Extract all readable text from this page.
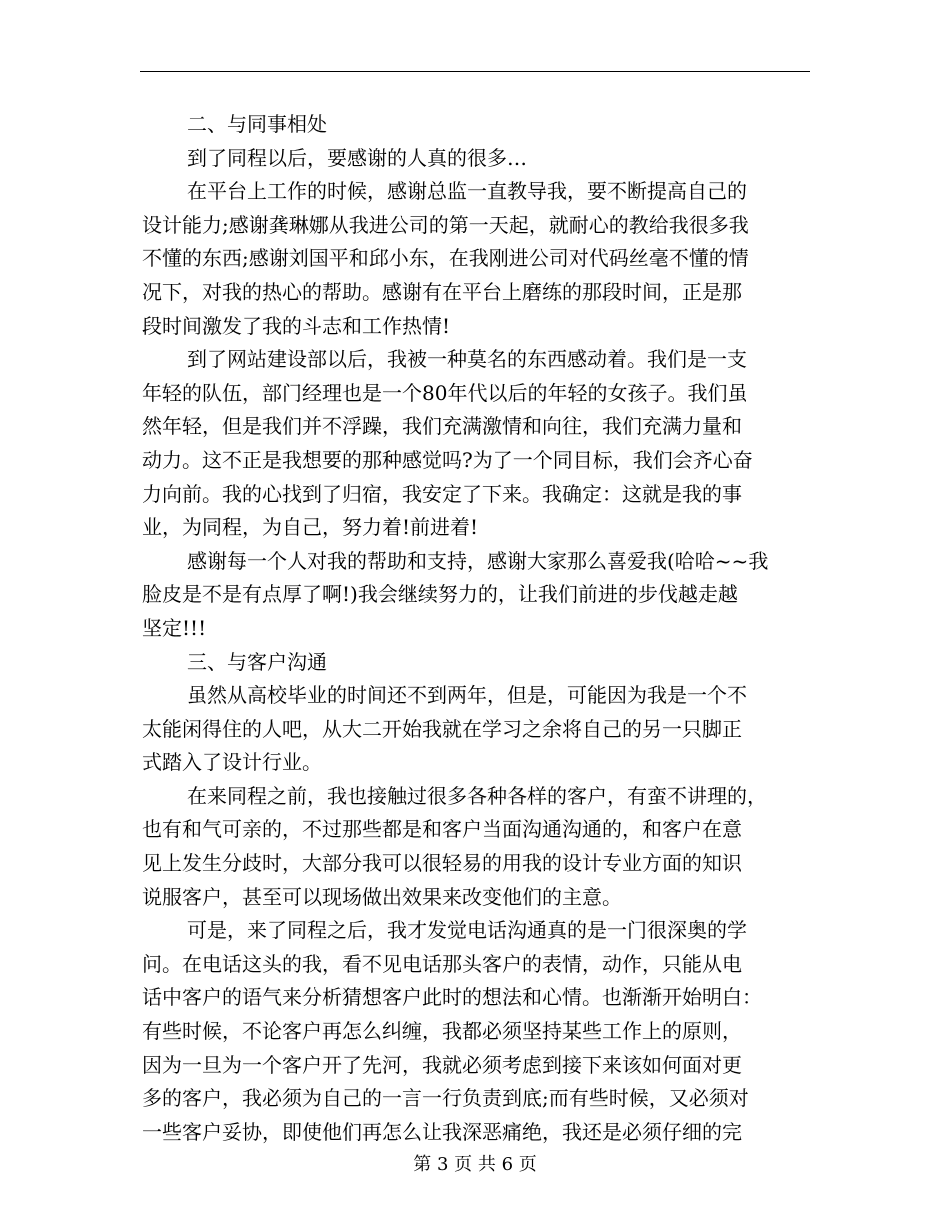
二、与同事相处
到了同程以后，要感谢的人真的很多…
在平台上工作的时候，感谢总监一直教导我，要不断提高自己的
设计能力;感谢龚琳娜从我进公司的第一天起，就耐心的教给我很多我
不懂的东西;感谢刘国平和邱小东，在我刚进公司对代码丝毫不懂的情
况下，对我的热心的帮助。感谢有在平台上磨练的那段时间，正是那
段时间激发了我的斗志和工作热情!
到了网站建设部以后，我被一种莫名的东西感动着。我们是一支
年轻的队伍，部门经理也是一个80年代以后的年轻的女孩子。我们虽
然年轻，但是我们并不浮躁，我们充满激情和向往，我们充满力量和
动力。这不正是我想要的那种感觉吗?为了一个同目标，我们会齐心奋
力向前。我的心找到了归宿，我安定了下来。我确定：这就是我的事
业，为同程，为自己，努力着!前进着!
感谢每一个人对我的帮助和支持，感谢大家那么喜爱我(哈哈~~我
脸皮是不是有点厚了啊!)我会继续努力的，让我们前进的步伐越走越
坚定!!!
三、与客户沟通
虽然从高校毕业的时间还不到两年，但是，可能因为我是一个不
太能闲得住的人吧，从大二开始我就在学习之余将自己的另一只脚正
式踏入了设计行业。
在来同程之前，我也接触过很多各种各样的客户，有蛮不讲理的，
也有和气可亲的，不过那些都是和客户当面沟通沟通的，和客户在意
见上发生分歧时，大部分我可以很轻易的用我的设计专业方面的知识
说服客户，甚至可以现场做出效果来改变他们的主意。
可是，来了同程之后，我才发觉电话沟通真的是一门很深奥的学
问。在电话这头的我，看不见电话那头客户的表情，动作，只能从电
话中客户的语气来分析猜想客户此时的想法和心情。也渐渐开始明白：
有些时候，不论客户再怎么纠缠，我都必须坚持某些工作上的原则，
因为一旦为一个客户开了先河，我就必须考虑到接下来该如何面对更
多的客户，我必须为自己的一言一行负责到底;而有些时候，又必须对
一些客户妥协，即使他们再怎么让我深恶痛绝，我还是必须仔细的完
第 3 页 共 6 页
